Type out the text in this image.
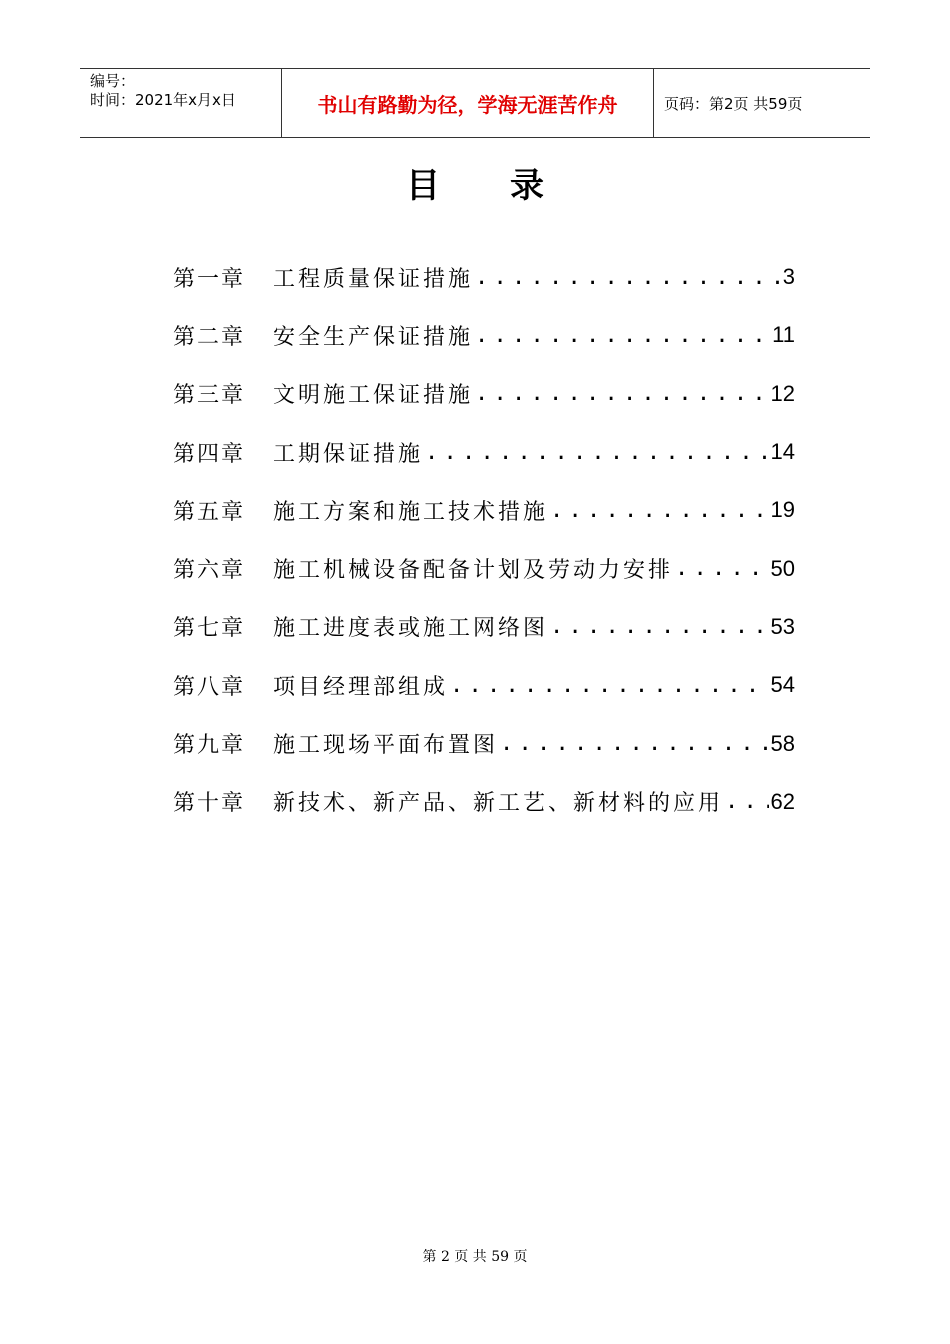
编号：
时间：2021年x月x日	书山有路勤为径，学海无涯苦作舟	页码：第2页 共59页
目 录
第一章	工程质量保证措施 . . .	3
第二章	安全生产保证措施 . . .	11
第三章	文明施工保证措施 . . .	12
第四章	工期保证措施 . . .	14
第五章	施工方案和施工技术措施 . . .	19
第六章	施工机械设备配备计划及劳动力安排 . . .	50
第七章	施工进度表或施工网络图 . . .	53
第八章	项目经理部组成 . . .	54
第九章	施工现场平面布置图 . . .	58
第十章	新技术、新产品、新工艺、新材料的应用 . . . 62
第 2 页 共 59 页
